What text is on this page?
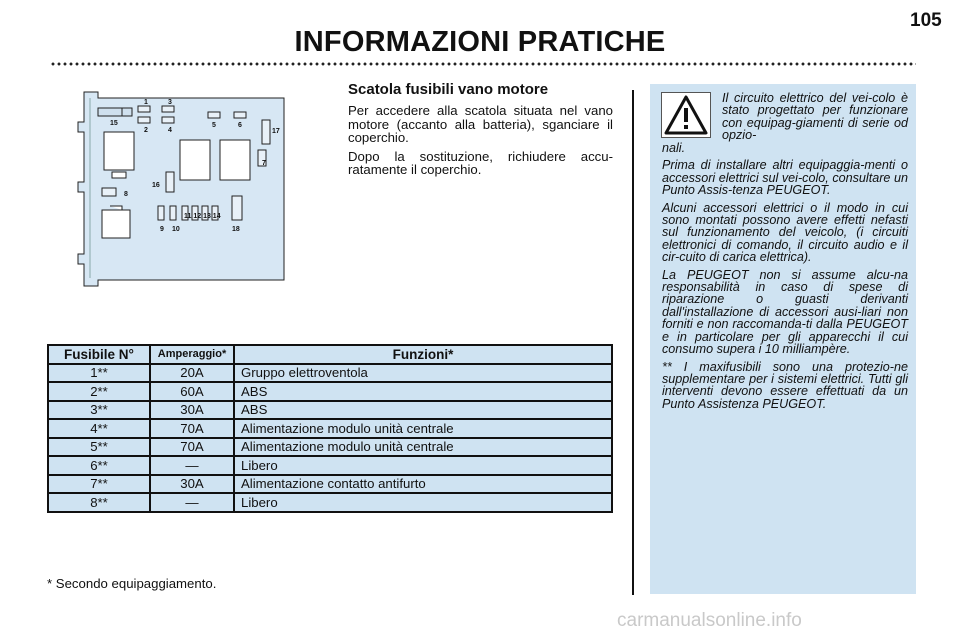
105
INFORMAZIONI PRATICHE
1	3
2	4
5	6
7
8
9 10
11 12 13 14
15
16
17
18
Scatola fusibili vano motore

Per accedere alla scatola situata nel vano motore (accanto alla batteria), sganciare il coperchio.

Dopo la sostituzione, richiudere accu-ratamente il coperchio.

Il circuito elettrico del vei-colo è stato progettato per funzionare con equipag-giamenti di serie od opzio-

nali.

Prima di installare altri equipaggia-menti o accessori elettrici sul vei-colo, consultare un Punto Assis-tenza PEUGEOT.

Alcuni accessori elettrici o il modo in cui sono montati possono avere effetti nefasti sul funzionamento del veicolo, (i circuiti elettronici di comando, il circuito audio e il cir-cuito di carica elettrica).

La PEUGEOT non si assume alcu-na responsabilità in caso di spese di riparazione o guasti derivanti dall'installazione di accessori ausi-liari non forniti e non raccomanda-ti dalla PEUGEOT e in particolare per gli apparecchi il cui consumo supera i 10 milliampère.

** I maxifusibili sono una protezio-ne supplementare per i sistemi elettrici. Tutti gli interventi devono essere effettuati da un Punto Assistenza PEUGEOT.

Fusibile N°	Amperaggio*	Funzioni*
1**	20A	Gruppo elettroventola
2**	60A	ABS
3**	30A	ABS
4**	70A	Alimentazione modulo unità centrale
5**	70A	Alimentazione modulo unità centrale
6**	—	Libero
7**	30A	Alimentazione contatto antifurto
8**	—	Libero
* Secondo equipaggiamento.
carmanualsonline.info
